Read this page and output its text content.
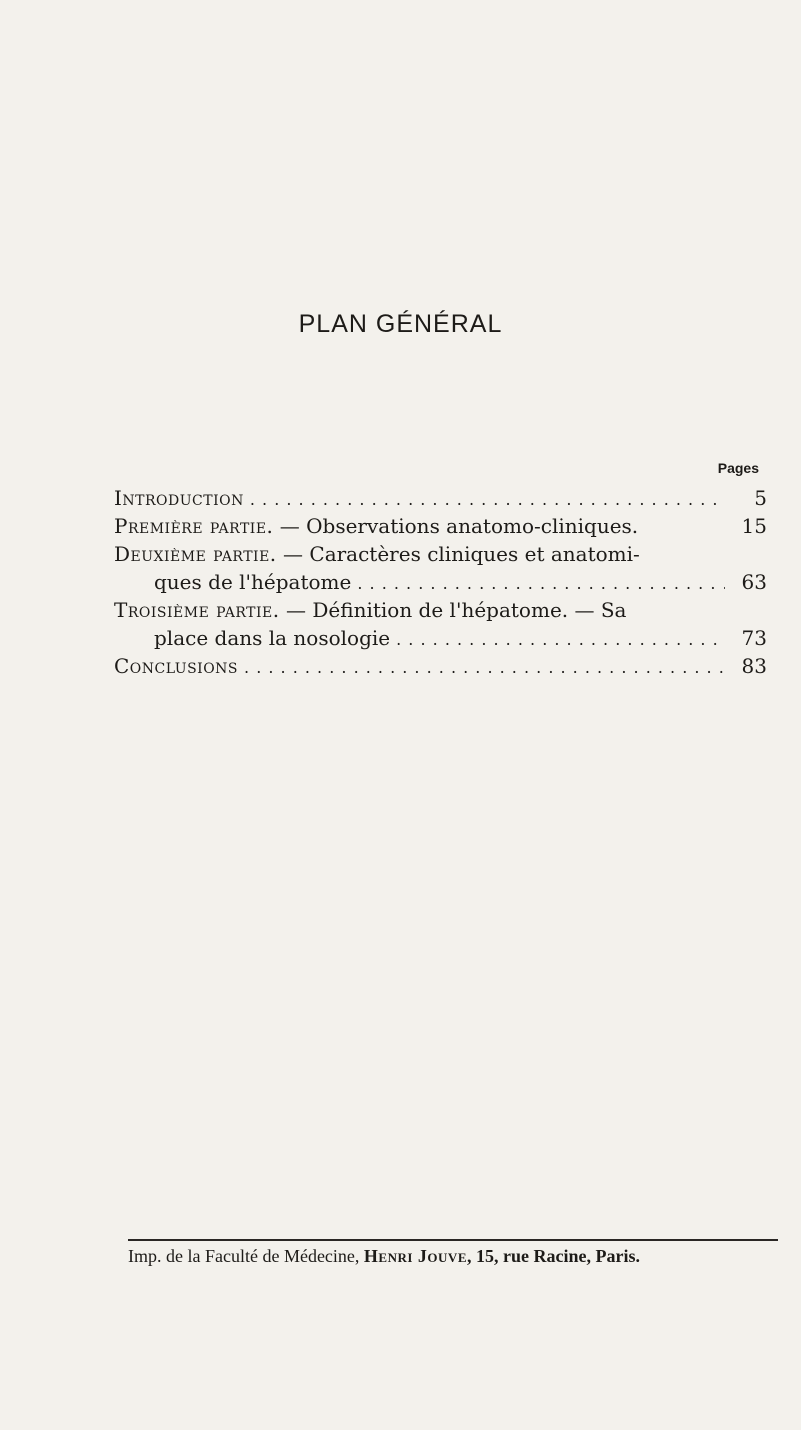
PLAN GÉNÉRAL
Pages
Introduction . . .	5
Première partie. — Observations anatomo-cliniques.	15
Deuxième partie. — Caractères cliniques et anatomi-
ques de l'hépatome . . .	63
Troisième partie. — Définition de l'hépatome. — Sa
place dans la nosologie . . .	73
Conclusions . . .	83
Imp. de la Faculté de Médecine, Henri Jouve, 15, rue Racine, Paris.
